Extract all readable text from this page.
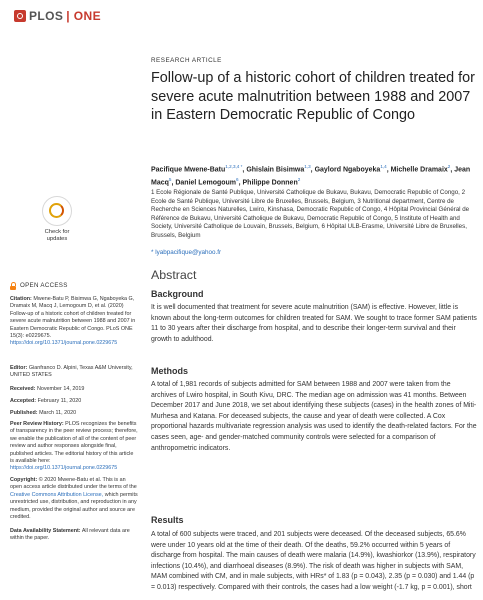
PLOS | ONE
RESEARCH ARTICLE
Follow-up of a historic cohort of children treated for severe acute malnutrition between 1988 and 2007 in Eastern Democratic Republic of Congo
Pacifique Mwene-Batu$^{1,2,3,4 *}$, Ghislain Bisimwa$^{1,3}$, Gaylord Ngaboyeka$^{1,4}$, Michelle Dramaix$^2$, Jean Macq$^5$, Daniel Lemogoum$^6$, Philippe Donnen$^2$
1 Ecole Régionale de Santé Publique, Université Catholique de Bukavu, Bukavu, Democratic Republic of Congo, 2 Ecole de Santé Publique, Université Libre de Bruxelles, Brussels, Belgium, 3 Nutritional department, Centre de Recherche en Sciences Naturelles, Lwiro, Kinshasa, Democratic Republic of Congo, 4 Hôpital Provincial Général de Référence de Bukavu, Université Catholique de Bukavu, Democratic Republic of Congo, 5 Institute of Health and Society, Université Catholique de Louvain, Brussels, Belgium, 6 Hôpital ULB-Erasme, Université Libre de Bruxelles, Brussels, Belgium
* lyabpacifique@yahoo.fr
Abstract
Background

It is well documented that treatment for severe acute malnutrition (SAM) is effective. However, little is known about the long-term outcomes for children treated for SAM. We sought to trace former SAM patients 11 to 30 years after their discharge from hospital, and to describe their longer-term survival and their growth to adulthood.

Methods

A total of 1,981 records of subjects admitted for SAM between 1988 and 2007 were taken from the archives of Lwiro hospital, in South Kivu, DRC. The median age on admission was 41 months. Between December 2017 and June 2018, we set about identifying these subjects (cases) in the health zones of Miti-Murhesa and Katana. For deceased subjects, the cause and year of death were collected. A Cox proportional hazards multivariate regression analysis was used to identify the death-related factors. For the cases seen, age- and gender-matched community controls were selected for a comparison of anthropometric indicators.

Results

A total of 600 subjects were traced, and 201 subjects were deceased. Of the deceased subjects, 65.6% were under 10 years old at the time of their death. Of the deaths, 59.2% occurred within 5 years of discharge from hospital. The main causes of death were malaria (14.9%), kwashiorkor (13.9%), respiratory infections (10.4%), and diarrhoeal diseases (8.9%). The risk of death was higher in subjects with SAM, MAM combined with CM, and in male subjects, with HRs* of 1.83 (p = 0.043), 2.35 (p = 0.030) and 1.44 (p = 0.013) respectively. Compared with their controls, the cases had a low weight (-1.7 kg, p = 0.001), short

Check for
updates
OPEN ACCESS
Citation: Mwene-Batu P, Bisimwa G, Ngaboyeka G, Dramaix M, Macq J, Lemogoum D, et al. (2020) Follow-up of a historic cohort of children treated for severe acute malnutrition between 1988 and 2007 in Eastern Democratic Republic of Congo. PLoS ONE 15(3): e0229675. https://doi.org/10.1371/journal.pone.0229675
Editor: Gianfranco D. Alpini, Texas A&M University, UNITED STATES
Received: November 14, 2019
Accepted: February 11, 2020
Published: March 11, 2020
Peer Review History: PLOS recognizes the benefits of transparency in the peer review process; therefore, we enable the publication of all of the content of peer review and author responses alongside final, published articles. The editorial history of this article is available here: https://doi.org/10.1371/journal.pone.0229675
Copyright: © 2020 Mwene-Batu et al. This is an open access article distributed under the terms of the Creative Commons Attribution License, which permits unrestricted use, distribution, and reproduction in any medium, provided the original author and source are credited.
Data Availability Statement: All relevant data are within the paper.
